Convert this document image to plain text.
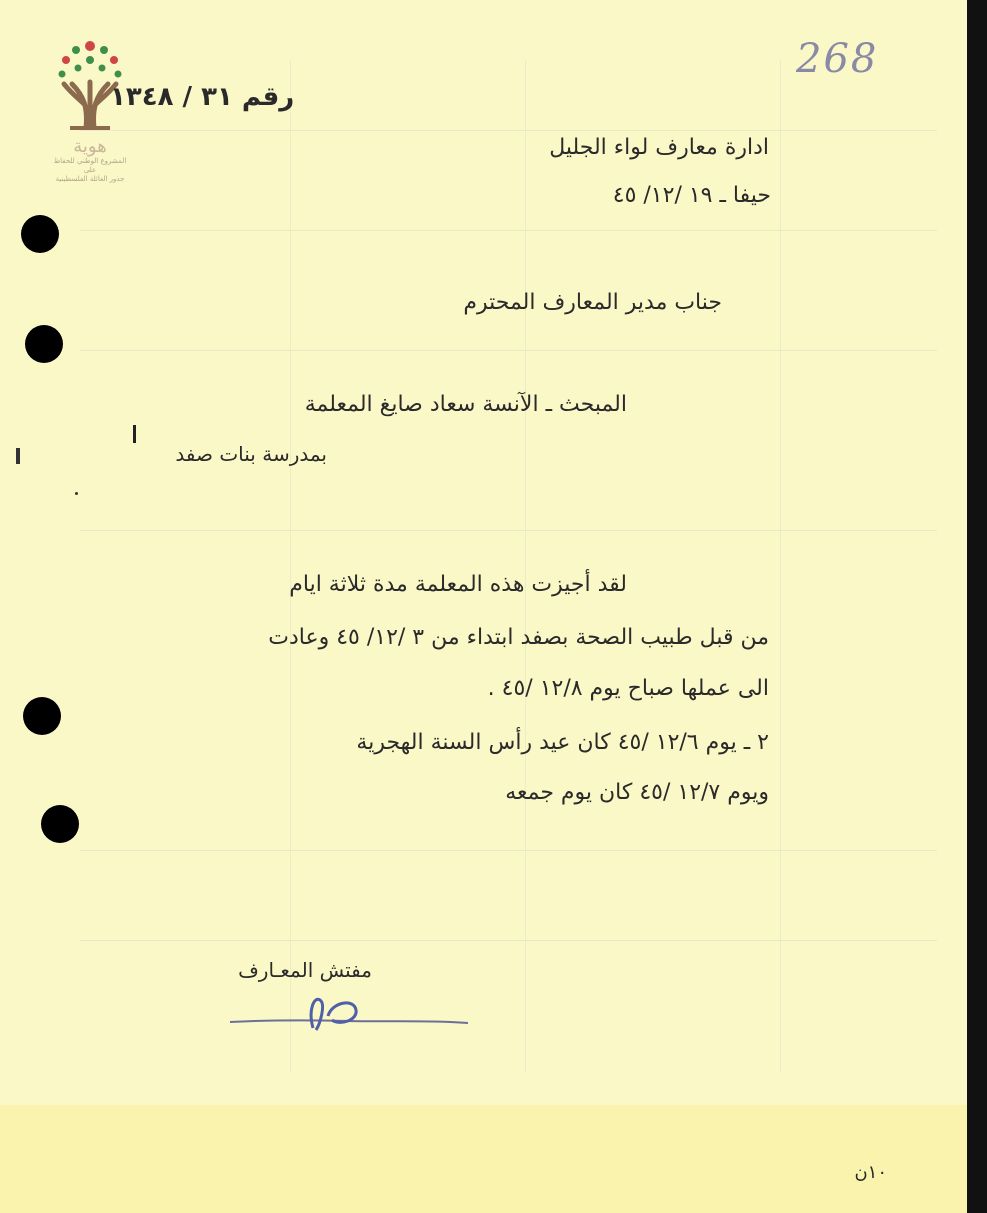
هوية
المشروع الوطني للحفاظ على
جذور العائلة الفلسطينية
268
رقم ٣١ / ١٣٤٨
ادارة معارف لواء الجليل
حيفا ـ ١٩ /١٢/ ٤٥
جناب مدير المعارف المحترم
المبحث ـ الآنسة سعاد صايغ المعلمة
بمدرسة بنات صفد
لقد أجيزت هذه المعلمة مدة ثلاثة ايام
من قبل طبيب الصحة بصفد ابتداء من ٣ /١٢/ ٤٥ وعادت
الى عملها صباح يوم ١٢/٨ /٤٥ .
٢ ـ يوم ١٢/٦ /٤٥ كان عيد رأس السنة الهجرية
ويوم ١٢/٧ /٤٥ كان يوم جمعه
مفتش المعـارف
١٠ن
